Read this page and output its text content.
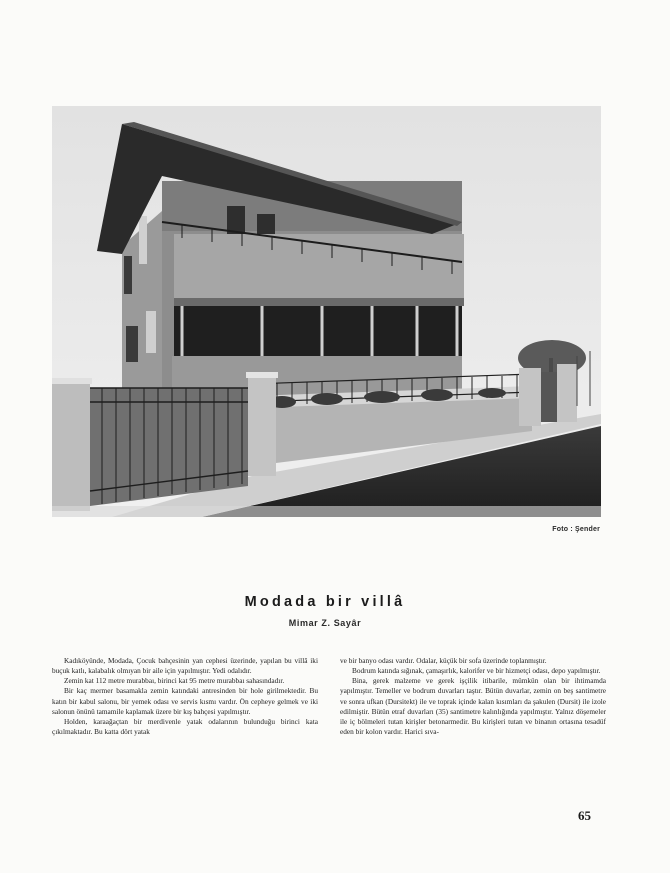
Foto : Şender
Modada bir villâ
Mimar Z. Sayâr

Kadıköyünde, Modada, Çocuk bahçesinin yan cephesi üzerinde, yapılan bu villâ iki buçuk katlı, kalabalık olmıyan bir aile için yapılmıştır. Yedi odalıdır.

Zemin kat 112 metre murabbaı, birinci kat 95 metre murabbaı sahasındadır.

Bir kaç mermer basamakla zemin katındaki antresinden bir hole girilmektedir. Bu katın bir kabul salonu, bir yemek odası ve servis kısmı vardır. Ön cepheye gelmek ve iki salonun önünü tamamile kaplamak üzere bir kış bahçesi yapılmıştır.

Holden, karaağaçtan bir merdivenle yatak odalarının bulunduğu birinci kata çıkılmaktadır. Bu katta dört yatak

ve bir banyo odası vardır. Odalar, küçük bir sofa üzerinde toplanmıştır.

Bodrum katında sığınak, çamaşırlık, kalorifer ve bir hizmetçi odası, depo yapılmıştır.

Bina, gerek malzeme ve gerek işçilik itibarile, mümkün olan bir ihtimamda yapılmıştır. Temeller ve bodrum duvarları taştır. Bütün duvarlar, zemin on beş santimetre ve sonra ufkan (Dursitekt) ile ve toprak içinde kalan kısımları da şakulen (Dursit) ile izole edilmiştir. Bütün etraf duvarları (35) santimetre kalınlığında yapılmıştır. Yalnız döşemeler ile iç bölmeleri tutan kirişler betonarmedir. Bu kirişleri tutan ve binanın ortasına tesadüf eden bir kolon vardır. Harici sıva-

65
